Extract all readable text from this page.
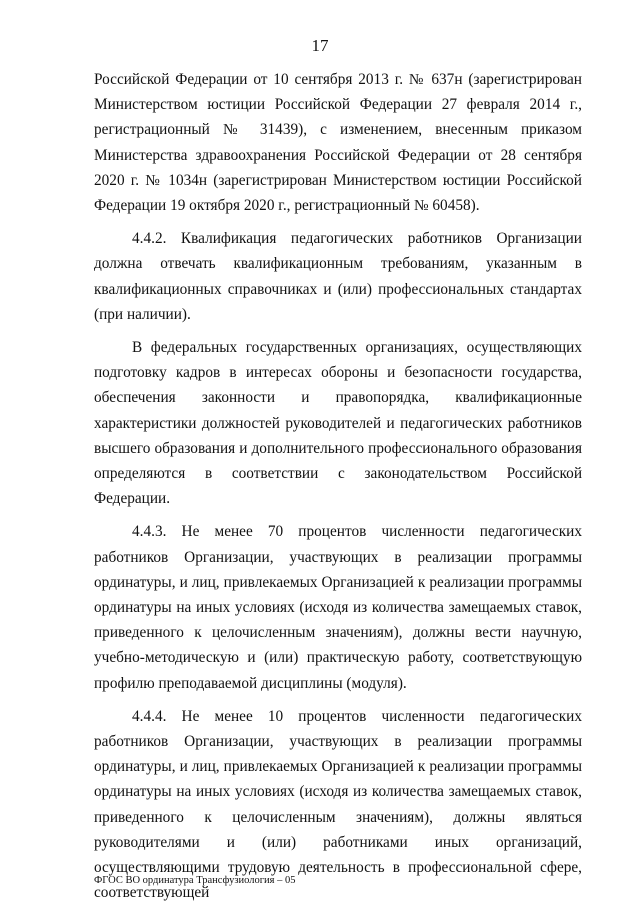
17

Российской Федерации от 10 сентября 2013 г. № 637н (зарегистрирован Министерством юстиции Российской Федерации 27 февраля 2014 г., регистрационный № 31439), с изменением, внесенным приказом Министерства здравоохранения Российской Федерации от 28 сентября 2020 г. № 1034н (зарегистрирован Министерством юстиции Российской Федерации 19 октября 2020 г., регистрационный № 60458).

4.4.2. Квалификация педагогических работников Организации должна отвечать квалификационным требованиям, указанным в квалификационных справочниках и (или) профессиональных стандартах (при наличии).

В федеральных государственных организациях, осуществляющих подготовку кадров в интересах обороны и безопасности государства, обеспечения законности и правопорядка, квалификационные характеристики должностей руководителей и педагогических работников высшего образования и дополнительного профессионального образования определяются в соответствии с законодательством Российской Федерации.

4.4.3. Не менее 70 процентов численности педагогических работников Организации, участвующих в реализации программы ординатуры, и лиц, привлекаемых Организацией к реализации программы ординатуры на иных условиях (исходя из количества замещаемых ставок, приведенного к целочисленным значениям), должны вести научную, учебно-методическую и (или) практическую работу, соответствующую профилю преподаваемой дисциплины (модуля).

4.4.4. Не менее 10 процентов численности педагогических работников Организации, участвующих в реализации программы ординатуры, и лиц, привлекаемых Организацией к реализации программы ординатуры на иных условиях (исходя из количества замещаемых ставок, приведенного к целочисленным значениям), должны являться руководителями и (или) работниками иных организаций, осуществляющими трудовую деятельность в профессиональной сфере, соответствующей

ФГОС ВО ординатура Трансфузиология – 05
